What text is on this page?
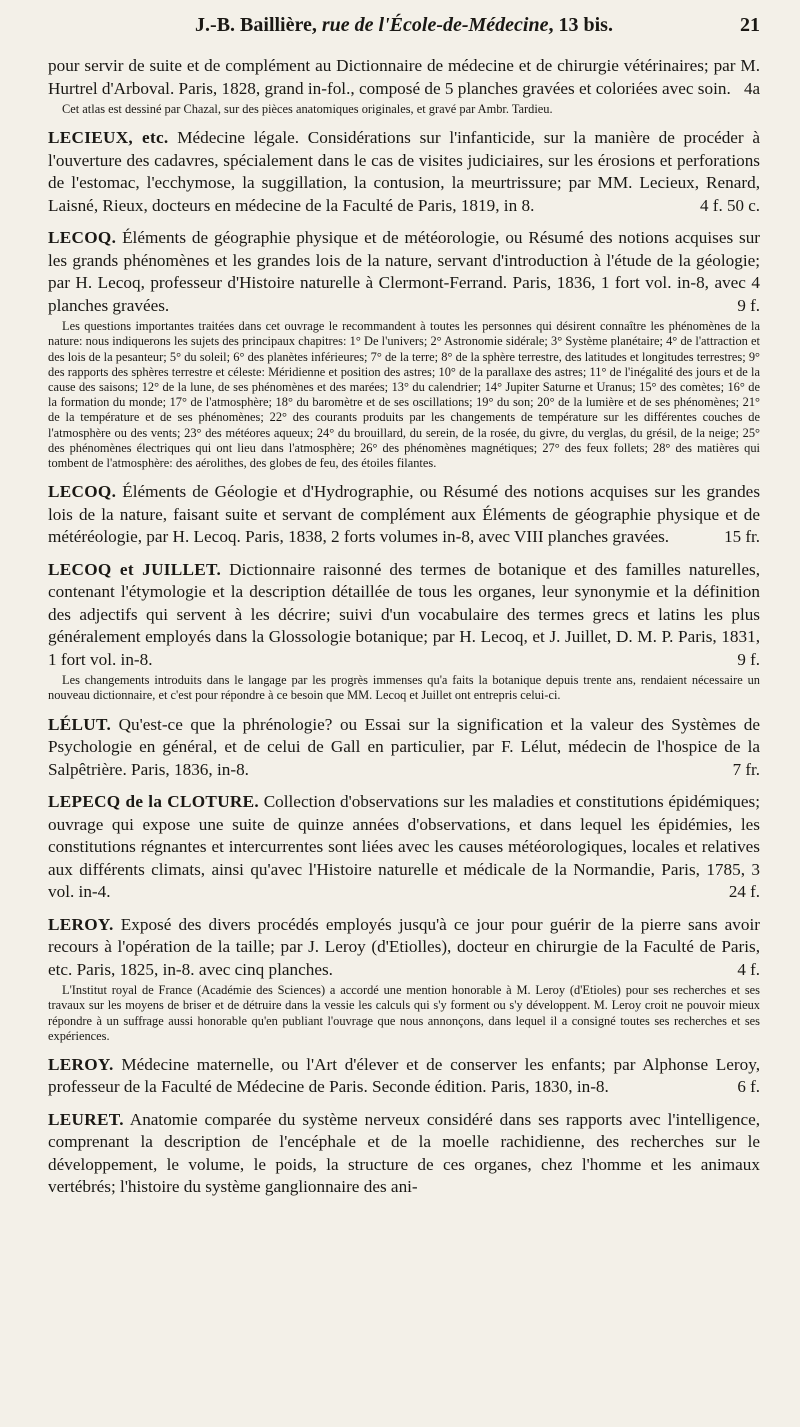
J.-B. Baillière, rue de l'École-de-Médecine, 13 bis.	21
pour servir de suite et de complément au Dictionnaire de médecine et de chirurgie vétérinaires; par M. Hurtrel d'Arboval. Paris, 1828, grand in-fol., composé de 5 planches gravées et coloriées avec soin. 4a
Cet atlas est dessiné par Chazal, sur des pièces anatomiques originales, et gravé par Ambr. Tardieu.
LECIEUX, etc. Médecine légale. Considérations sur l'infanticide, sur la manière de procéder à l'ouverture des cadavres, spécialement dans le cas de visites judiciaires, sur les érosions et perforations de l'estomac, l'ecchymose, la suggillation, la contusion, la meurtrissure; par MM. Lecieux, Renard, Laisné, Rieux, docteurs en médecine de la Faculté de Paris, 1819, in 8.	4 f. 50 c.
LECOQ. Éléments de géographie physique et de météorologie, ou Résumé des notions acquises sur les grands phénomènes et les grandes lois de la nature, servant d'introduction à l'étude de la géologie; par H. Lecoq, professeur d'Histoire naturelle à Clermont-Ferrand. Paris, 1836, 1 fort vol. in-8, avec 4 planches gravées.	9 f.
Les questions importantes traitées dans cet ouvrage le recommandent à toutes les personnes qui désirent connaître les phénomènes de la nature: nous indiquerons les sujets des principaux chapitres: 1° De l'univers; 2° Astronomie sidérale; 3° Système planétaire; 4° de l'attraction et des lois de la pesanteur; 5° du soleil; 6° des planètes inférieures; 7° de la terre; 8° de la sphère terrestre, des latitudes et longitudes terrestres; 9° des rapports des sphères terrestre et céleste: Méridienne et position des astres; 10° de la parallaxe des astres; 11° de l'inégalité des jours et de la cause des saisons; 12° de la lune, de ses phénomènes et des marées; 13° du calendrier; 14° Jupiter Saturne et Uranus; 15° des comètes; 16° de la formation du monde; 17° de l'atmosphère; 18° du baromètre et de ses oscillations; 19° du son; 20° de la lumière et de ses phénomènes; 21° de la température et de ses phénomènes; 22° des courants produits par les changements de température sur les différentes couches de l'atmosphère ou des vents; 23° des météores aqueux; 24° du brouillard, du serein, de la rosée, du givre, du verglas, du grésil, de la neige; 25° des phénomènes électriques qui ont lieu dans l'atmosphère; 26° des phénomènes magnétiques; 27° des feux follets; 28° des matières qui tombent de l'atmosphère: des aérolithes, des globes de feu, des étoiles filantes.
LECOQ. Éléments de Géologie et d'Hydrographie, ou Résumé des notions acquises sur les grandes lois de la nature, faisant suite et servant de complément aux Éléments de géographie physique et de météréologie, par H. Lecoq. Paris, 1838, 2 forts volumes in-8, avec VIII planches gravées.	15 fr.
LECOQ et JUILLET. Dictionnaire raisonné des termes de botanique et des familles naturelles, contenant l'étymologie et la description détaillée de tous les organes, leur synonymie et la définition des adjectifs qui servent à les décrire; suivi d'un vocabulaire des termes grecs et latins les plus généralement employés dans la Glossologie botanique; par H. Lecoq, et J. Juillet, D. M. P. Paris, 1831, 1 fort vol. in-8.	9 f.
Les changements introduits dans le langage par les progrès immenses qu'a faits la botanique depuis trente ans, rendaient nécessaire un nouveau dictionnaire, et c'est pour répondre à ce besoin que MM. Lecoq et Juillet ont entrepris celui-ci.
LÉLUT. Qu'est-ce que la phrénologie? ou Essai sur la signification et la valeur des Systèmes de Psychologie en général, et de celui de Gall en particulier, par F. Lélut, médecin de l'hospice de la Salpêtrière. Paris, 1836, in-8.	7 fr.
LEPECQ de la CLOTURE. Collection d'observations sur les maladies et constitutions épidémiques; ouvrage qui expose une suite de quinze années d'observations, et dans lequel les épidémies, les constitutions régnantes et intercurrentes sont liées avec les causes météorologiques, locales et relatives aux différents climats, ainsi qu'avec l'Histoire naturelle et médicale de la Normandie, Paris, 1785, 3 vol. in-4.	24 f.
LEROY. Exposé des divers procédés employés jusqu'à ce jour pour guérir de la pierre sans avoir recours à l'opération de la taille; par J. Leroy (d'Etiolles), docteur en chirurgie de la Faculté de Paris, etc. Paris, 1825, in-8. avec cinq planches.	4 f.
L'Institut royal de France (Académie des Sciences) a accordé une mention honorable à M. Leroy (d'Etioles) pour ses recherches et ses travaux sur les moyens de briser et de détruire dans la vessie les calculs qui s'y forment ou s'y développent. M. Leroy croit ne pouvoir mieux répondre à un suffrage aussi honorable qu'en publiant l'ouvrage que nous annonçons, dans lequel il a consigné toutes ses recherches et ses expériences.
LEROY. Médecine maternelle, ou l'Art d'élever et de conserver les enfants; par Alphonse Leroy, professeur de la Faculté de Médecine de Paris. Seconde édition. Paris, 1830, in-8.	6 f.
LEURET. Anatomie comparée du système nerveux considéré dans ses rapports avec l'intelligence, comprenant la description de l'encéphale et de la moelle rachidienne, des recherches sur le développement, le volume, le poids, la structure de ces organes, chez l'homme et les animaux vertébrés; l'histoire du système ganglionnaire des ani-
